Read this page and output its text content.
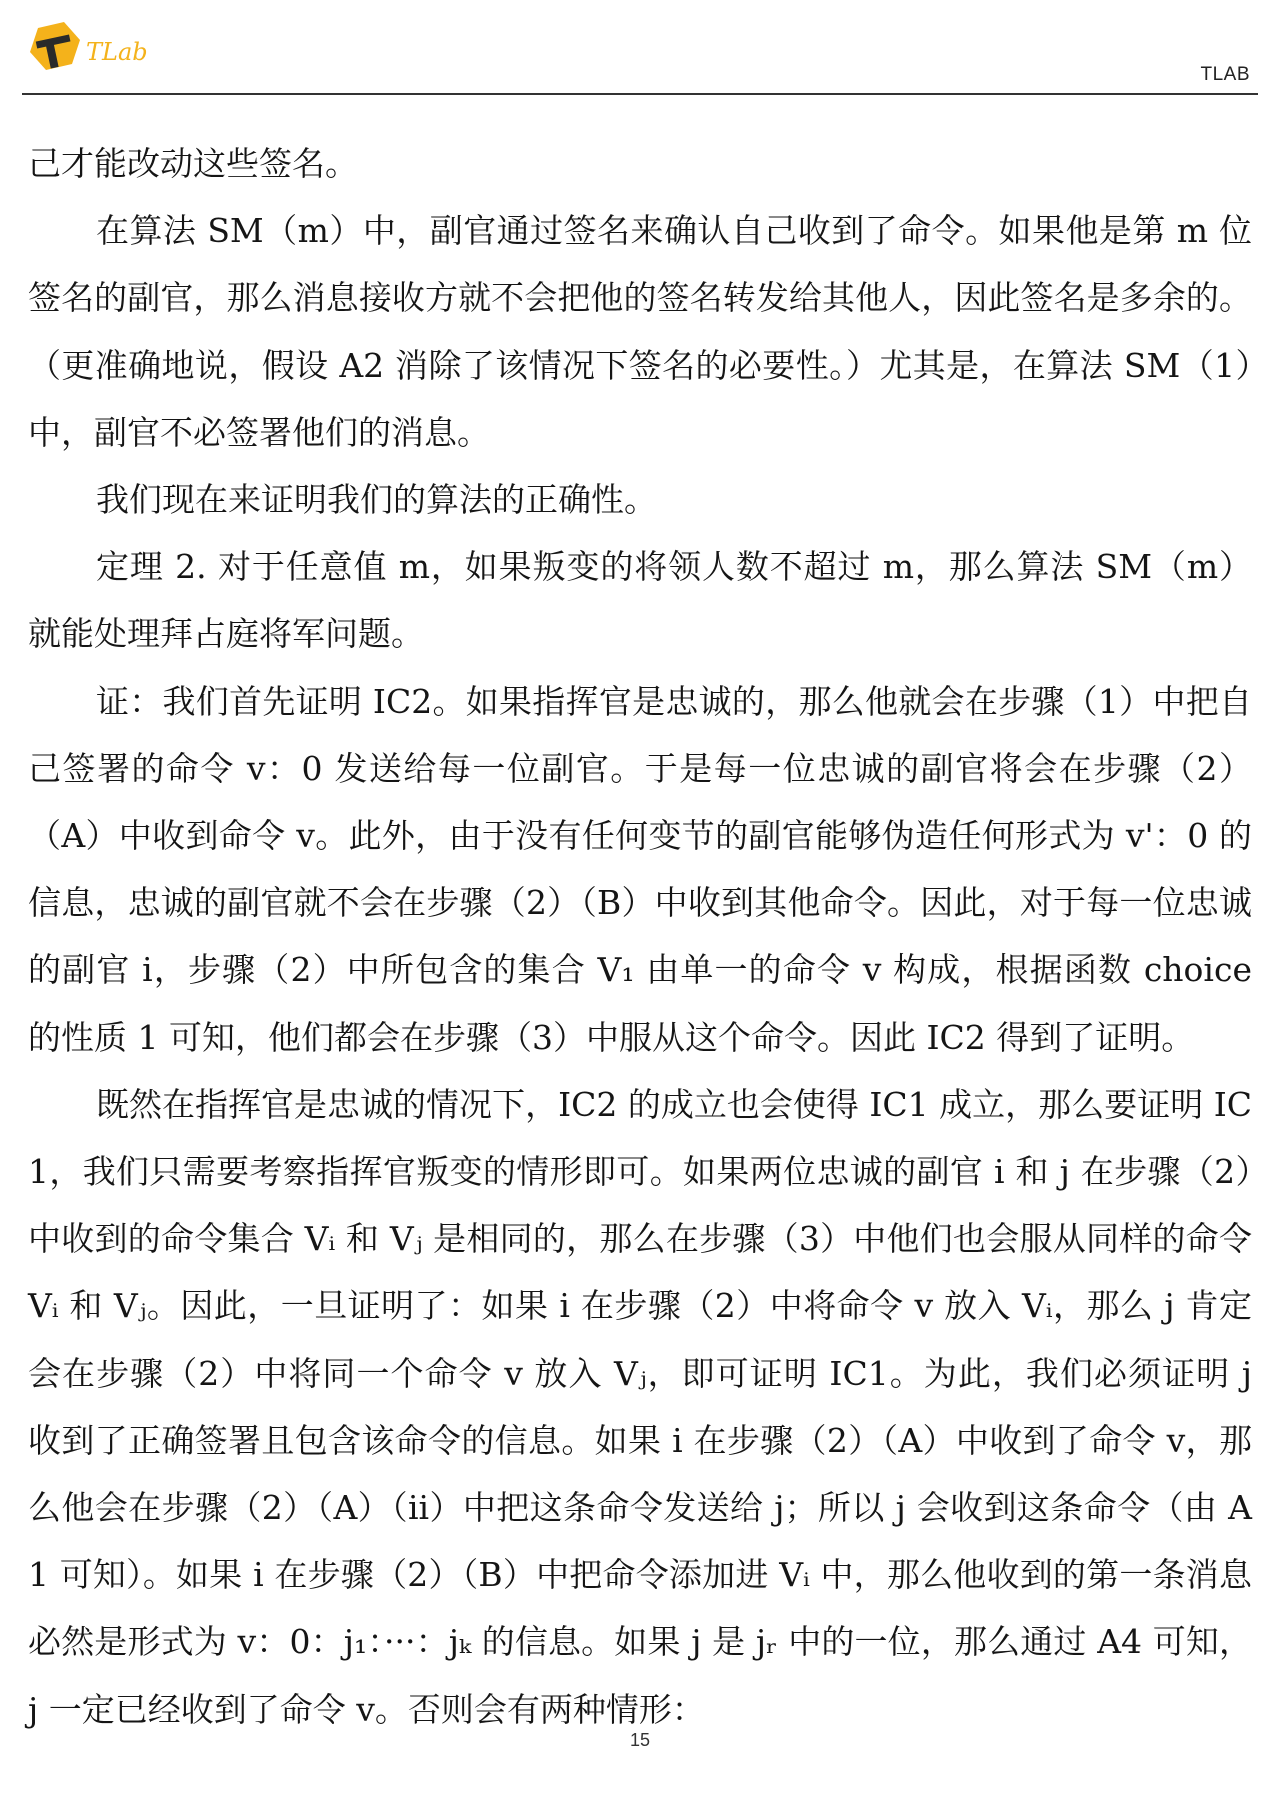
TLab
TLAB

己才能改动这些签名。

在算法 SM（m）中，副官通过签名来确认自己收到了命令。如果他是第 m 位签名的副官，那么消息接收方就不会把他的签名转发给其他人，因此签名是多余的。（更准确地说，假设 A2 消除了该情况下签名的必要性。）尤其是，在算法 SM（1）中，副官不必签署他们的消息。

我们现在来证明我们的算法的正确性。

定理 2. 对于任意值 m，如果叛变的将领人数不超过 m，那么算法 SM（m）就能处理拜占庭将军问题。

证：我们首先证明 IC2。如果指挥官是忠诚的，那么他就会在步骤（1）中把自己签署的命令 v：0 发送给每一位副官。于是每一位忠诚的副官将会在步骤（2）（A）中收到命令 v。此外，由于没有任何变节的副官能够伪造任何形式为 v'：0 的信息，忠诚的副官就不会在步骤（2）（B）中收到其他命令。因此，对于每一位忠诚的副官 i，步骤（2）中所包含的集合 V₁ 由单一的命令 v 构成，根据函数 choice 的性质 1 可知，他们都会在步骤（3）中服从这个命令。因此 IC2 得到了证明。

既然在指挥官是忠诚的情况下，IC2 的成立也会使得 IC1 成立，那么要证明 IC1，我们只需要考察指挥官叛变的情形即可。如果两位忠诚的副官 i 和 j 在步骤（2）中收到的命令集合 Vᵢ 和 Vⱼ 是相同的，那么在步骤（3）中他们也会服从同样的命令 Vᵢ 和 Vⱼ。因此，一旦证明了：如果 i 在步骤（2）中将命令 v 放入 Vᵢ，那么 j 肯定会在步骤（2）中将同一个命令 v 放入 Vⱼ，即可证明 IC1。为此，我们必须证明 j 收到了正确签署且包含该命令的信息。如果 i 在步骤（2）（A）中收到了命令 v，那么他会在步骤（2）（A）（ii）中把这条命令发送给 j；所以 j 会收到这条命令（由 A1 可知）。如果 i 在步骤（2）（B）中把命令添加进 Vᵢ 中，那么他收到的第一条消息必然是形式为 v：0：j₁：···：jₖ 的信息。如果 j 是 jᵣ 中的一位，那么通过 A4 可知，j 一定已经收到了命令 v。否则会有两种情形：

15
